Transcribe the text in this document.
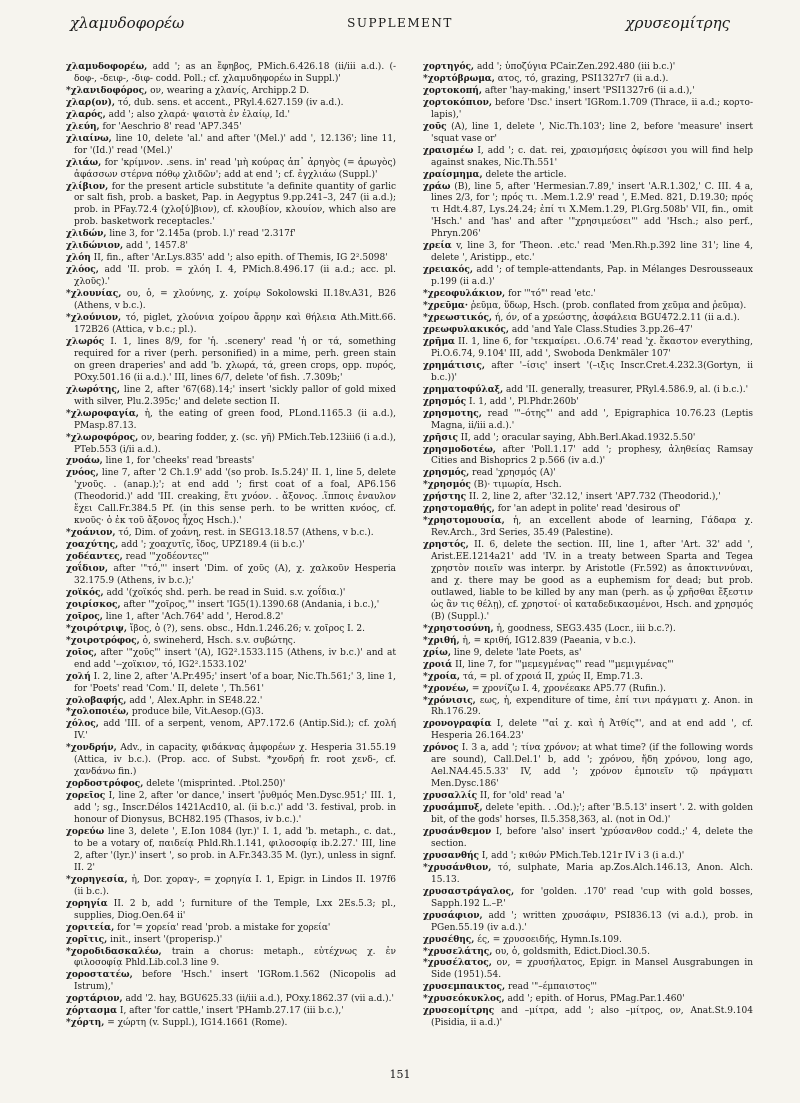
χλαμυδοφορέω	SUPPLEMENT	χρυσεομίτρης
χλαμυδοφορέω, add '; as an ἔφηβος, PMich.6.426.18 (ii/iii a.d.). (-δοφ-, -δειφ-, -διφ- codd. Poll.; cf. χλαμυδηφορέω in Suppl.)'
*χλανιδοφόρος, ον, wearing a χλανίς, Archipp.2 D.
χλαρ(ον), τό, dub. sens. et accent., PRyl.4.627.159 (iv a.d.).
χλαρός, add '; also χλαρά· ψαιστὰ ἐν ἐλαίῳ, Id.'
χλεύη, for 'Aeschrio 8' read 'AP7.345'
χλιαίνω, line 10, delete 'al.' and after '(Mel.)' add ', 12.136'; line 11, for '(Id.)' read '(Mel.)'
χλιάω, for 'κρίμνον. .sens. in' read 'μὴ κούρας ἀπ᾽ ἀρηγὸς (= ἀρωγὸς) ἀφάσσων στέρνα πόθῳ χλιδῶν'; add at end '; cf. ἐγχλιάω (Suppl.)'
χλίβιον, for the present article substitute 'a definite quantity of garlic or salt fish, prob. a basket, Pap. in Aegyptus 9.pp.241–3, 247 (ii a.d.); prob. in PFay.72.4 (χλο[ύ]βιον), cf. κλουβίον, κλουίον, which also are prob. basketwork receptacles.'
χλιδών, line 3, for '2.145a (prob. l.)' read '2.317f'
χλιδώνιον, add ', 1457.8'
χλόη II, fin., after 'Ar.Lys.835' add '; also epith. of Themis, IG 2².5098'
χλόος, add 'II. prob. = χλόη I. 4, PMich.8.496.17 (ii a.d.; acc. pl. χλοῦς).'
*χλουνίας, ου, ὁ, = χλούνης, χ. χοίρῳ Sokolowski II.18v.A31, B26 (Athens, v b.c.).
*χλούνιον, τό, piglet, χλούνια χοίρου ἄρρην καὶ θήλεια Ath.Mitt.66. 172B26 (Attica, v b.c.; pl.).
χλωρός I. 1, lines 8/9, for 'ἡ. .scenery' read 'ἡ or τά, something required for a river (perh. personified) in a mime, perh. green stain on green draperies' and add 'b. χλωρά, τά, green crops, opp. πυρός, POxy.501.16 (ii a.d.).' III, lines 6/7, delete 'of fish. .7.309b;'
χλωρότης, line 2, after '67(68).14;' insert 'sickly pallor of gold mixed with silver, Plu.2.395c;' and delete section II.
*χλωροφαγία, ἡ, the eating of green food, PLond.1165.3 (ii a.d.), PMasp.87.13.
*χλωροφόρος, ον, bearing fodder, χ. (sc. γῆ) PMich.Teb.123iii6 (i a.d.), PTeb.553 (i/ii a.d.).
χνοάω, line 1, for 'cheeks' read 'breasts'
χνόος, line 7, after '2 Ch.1.9' add '(so prob. Is.5.24)' II. 1, line 5, delete 'χνοῦς. . (anap.);'; at end add '; first coat of a foal, AP6.156 (Theodorid.)' add 'III. creaking, ἔτι χνόον. . ἄξονος. .ἵπποις ἐναυλον ἔχει Call.Fr.384.5 Pf. (in this sense perh. to be written κνόος, cf. κνοῦς· ὁ ἐκ τοῦ ἄξονος ἦχος Hsch.).'
*χοάνιον, τό, Dim. of χοάνη, rest. in SEG13.18.57 (Athens, v b.c.).
χοαχύτης, add '; χοαχυτῖς, ἴδος, UPZ189.4 (ii b.c.)'
χοδέαντες, read '"χοδέοντες"'
χοΐδιον, after '"τό,"' insert 'Dim. of χοῦς (A), χ. χαλκοῦν Hesperia 32.175.9 (Athens, iv b.c.);'
χοϊκός, add '(χοϊκός shd. perh. be read in Suid. s.v. χοΐδια.)'
χοιρίσκος, after '"χοῖρος,"' insert 'IG5(1).1390.68 (Andania, i b.c.),'
χοῖρος, line 1, after 'Ach.764' add ', Herod.8.2'
*χοιρότριψ, ἴβος, ὁ (?), sens. obsc., Hdn.1.246.26; v. χοῖρος I. 2.
*χοιροτρόφος, ὁ, swineherd, Hsch. s.v. συβώτης.
χοῖος, after '"χοῦς"' insert '(A), IG2².1533.115 (Athens, iv b.c.)' and at end add '--χοϊκιον, τό, IG2².1533.102'
χολή I. 2, line 2, after 'A.Pr.495;' insert 'of a boar, Nic.Th.561;' 3, line 1, for 'Poets' read 'Com.' II, delete ', Th.561'
χολοβαφής, add ', Alex.Aphr. in SE48.22.'
*χολοποιέω, produce bile, Vit.Aesop.(G)3.
χόλος, add 'III. of a serpent, venom, AP7.172.6 (Antip.Sid.); cf. χολή IV.'
*χονδρήν, Adv., in capacity, φιδάκνας ἀμφορέων χ. Hesperia 31.55.19 (Attica, iv b.c.). (Prop. acc. of Subst. *χονδρή fr. root χενδ-, cf. χανδάνω fin.)
χορδοστρόφος, delete '(misprinted. .Ptol.250)'
χορεῖος I, line 2, after 'or dance,' insert 'ῥυθμός Men.Dysc.951;' III. 1, add '; sg., Inscr.Délos 1421Acd10, al. (ii b.c.)' add '3. festival, prob. in honour of Dionysus, BCH82.195 (Thasos, iv b.c.).'
χορεύω line 3, delete ', E.Ion 1084 (lyr.)' I. 1, add 'b. metaph., c. dat., to be a votary of, παιδείᾳ Phld.Rh.1.141, φιλοσοφίᾳ ib.2.27.' III, line 2, after '(lyr.)' insert ', so prob. in A.Fr.343.35 M. (lyr.), unless in signf. II. 2'
*χορηγεσία, ἡ, Dor. χοραγ-, = χορηγία I. 1, Epigr. in Lindos II. 197f6 (ii b.c.).
χορηγία II. 2 b, add '; furniture of the Temple, Lxx 2Es.5.3; pl., supplies, Diog.Oen.64 ii'
χοριτεία, for '= χορεία' read 'prob. a mistake for χορεία'
χορῖτις, init., insert '(properisp.)'
*χοροδιδασκαλέω, train a chorus: metaph., εὐτέχνως χ. ἐν φιλοσοφίᾳ Phld.Lib.col.3 line 9.
χοροστατέω, before 'Hsch.' insert 'IGRom.1.562 (Nicopolis ad Istrum),'
χορτάριον, add '2. hay, BGU625.33 (ii/iii a.d.), POxy.1862.37 (vii a.d.).'
χόρτασμα I, after 'for cattle,' insert 'PHamb.27.17 (iii b.c.),'
*χόρτη, = χώρτη (v. Suppl.), IG14.1661 (Rome).
χορτηγός, add '; ὑποζύγια PCair.Zen.292.480 (iii b.c.)'
*χορτόβρωμα, ατος, τό, grazing, PSI1327r7 (ii a.d.).
χορτοκοπή, after 'hay-making,' insert 'PSI1327r6 (ii a.d.),'
χορτοκόπιον, before 'Dsc.' insert 'IGRom.1.709 (Thrace, ii a.d.; κορτο- lapis),'
χοῦς (A), line 1, delete ', Nic.Th.103'; line 2, before 'measure' insert 'squat vase or'
χραισμέω I, add '; c. dat. rei, χραισμήσεις ὀφίεσσι you will find help against snakes, Nic.Th.551'
χραίσμημα, delete the article.
χράω (B), line 5, after 'Hermesian.7.89,' insert 'A.R.1.302,' C. III. 4 a, lines 2/3, for '; πρός τι. .Mem.1.2.9' read ', E.Med. 821, D.19.30; πρός τι Hdt.4.87, Lys.24.24; ἐπί τι X.Mem.1.29, Pl.Grg.508b' VII, fin., omit 'Hsch.' and 'has' and after '"χρησιμεύσει"' add 'Hsch.; also perf., Phryn.206'
χρεία v, line 3, for 'Theon. .etc.' read 'Men.Rh.p.392 line 31'; line 4, delete ', Aristipp., etc.'
χρειακός, add '; of temple-attendants, Pap. in Mélanges Desrousseaux p.199 (ii a.d.)'
*χρεοφυλάκιον, for '"τό"' read 'etc.'
*χρεῦμα· ῥεῦμα, ὕδωρ, Hsch. (prob. conflated from χεῦμα and ῥεῦμα).
*χρεωστικός, ή, όν, of a χρεώστης, ἀσφάλεια BGU472.2.11 (ii a.d.).
χρεωφυλακικός, add 'and Yale Class.Studies 3.pp.26–47'
χρῆμα II. 1, line 6, for 'τεκμαίρει. .O.6.74' read 'χ. ἕκαστον everything, Pi.O.6.74, 9.104' III, add ', Swoboda Denkmäler 107'
χρημάτισις, after '–ίσις' insert '(–ιξις Inscr.Cret.4.232.3(Gortyn, ii b.c.))'
χρηματοφύλαξ, add 'II. generally, treasurer, PRyl.4.586.9, al. (i b.c.).'
χρησμός I. 1, add ', Pl.Phdr.260b'
χρησμοτης, read '"–ότης"' and add ', Epigraphica 10.76.23 (Leptis Magna, ii/iii a.d.).'
χρῆσις II, add '; oracular saying, Abh.Berl.Akad.1932.5.50'
χρησμοδοτέω, after 'Poll.1.17' add '; prophesy, ἀληθείας Ramsay Cities and Bishoprics 2 p.566 (iv a.d.)'
χρησμός, read 'χρησμός (A)'
*χρησμός (B)· τιμωρία, Hsch.
χρήστης II. 2, line 2, after '32.12,' insert 'AP7.732 (Theodorid.),'
χρηστομαθής, for 'an adept in polite' read 'desirous of'
*χρηστομουσία, ἡ, an excellent abode of learning, Γάδαρα χ. Rev.Arch., 3rd Series, 35.49 (Palestine).
χρηστός, II. 6, delete the section. III, line 1, after 'Art. 32' add ', Arist.EE.1214a21' add 'IV. in a treaty between Sparta and Tegea χρηστὸν ποιεῖν was interpr. by Aristotle (Fr.592) as ἀποκτιννύναι, and χ. there may be good as a euphemism for dead; but prob. outlawed, liable to be killed by any man (perh. as ᾧ χρῆσθαι ἔξεστιν ὡς ἂν τις θέλῃ), cf. χρηστοί· οἱ καταδεδικασμένοι, Hsch. and χρησμός (B) (Suppl.).'
*χρηστοσύνη, ἡ, goodness, SEG3.435 (Locr., iii b.c.?).
*χριθή, ἡ, = κριθή, IG12.839 (Paeania, v b.c.).
χρίω, line 9, delete 'late Poets, as'
χροιά II, line 7, for '"μεμεγμένας"' read '"μεμιγμένας"'
*χροία, τά, = pl. of χροιά II, χρώς II, Emp.71.3.
*χρονέω, = χρονίζω I. 4, χρονέεακε AP5.77 (Rufin.).
*χρόνισις, εως, ἡ, expenditure of time, ἐπί τινι πράγματι χ. Anon. in Rh.176.29.
χρονογραφία I, delete '"αἱ χ. καὶ ἡ Ἀτθίς"', and at end add ', cf. Hesperia 26.164.23'
χρόνος I. 3 a, add '; τίνα χρόνον; at what time? (if the following words are sound), Call.Del.1' b, add '; χρόνου, ἤδη χρόνου, long ago, Ael.NA4.45.5.33' IV, add '; χρόνον ἐμποιεῖν τῷ πράγματι Men.Dysc.186'
χρυσαλλίς II, for 'old' read 'a'
χρυσάμπυξ, delete 'epith. . .Od.);'; after 'B.5.13' insert '. 2. with golden bit, of the gods' horses, Il.5.358,363, al. (not in Od.)'
χρυσάνθεμον I, before 'also' insert 'χρύσανθον codd.;' 4, delete the section.
χρυσανθής I, add '; κιθών PMich.Teb.121r IV i 3 (i a.d.)'
*χρυσάνθιον, τό, sulphate, Maria ap.Zos.Alch.146.13, Anon. Alch. 15.13.
χρυσαστράγαλος, for 'golden. .170' read 'cup with gold bosses, Sapph.192 L.–P.'
χρυσάφιον, add '; written χρυσάφιν, PSI836.13 (vi a.d.), prob. in PGen.55.19 (iv a.d.).'
χρυσέθης, ές, = χρυσοειδής, Hymn.Is.109.
*χρυσελάτης, ου, ὁ, goldsmith, Edict.Diocl.30.5.
*χρυσέλατος, ον, = χρυσήλατος, Epigr. in Mansel Ausgrabungen in Side (1951).54.
χρυσεμπαικτος, read '"–έμπαιστος"'
*χρυσεόκυκλος, add '; epith. of Horus, PMag.Par.1.460'
χρυσεομίτρης and –μίτρα, add '; also –μίτρος, ον, Anat.St.9.104 (Pisidia, ii a.d.)'
151
